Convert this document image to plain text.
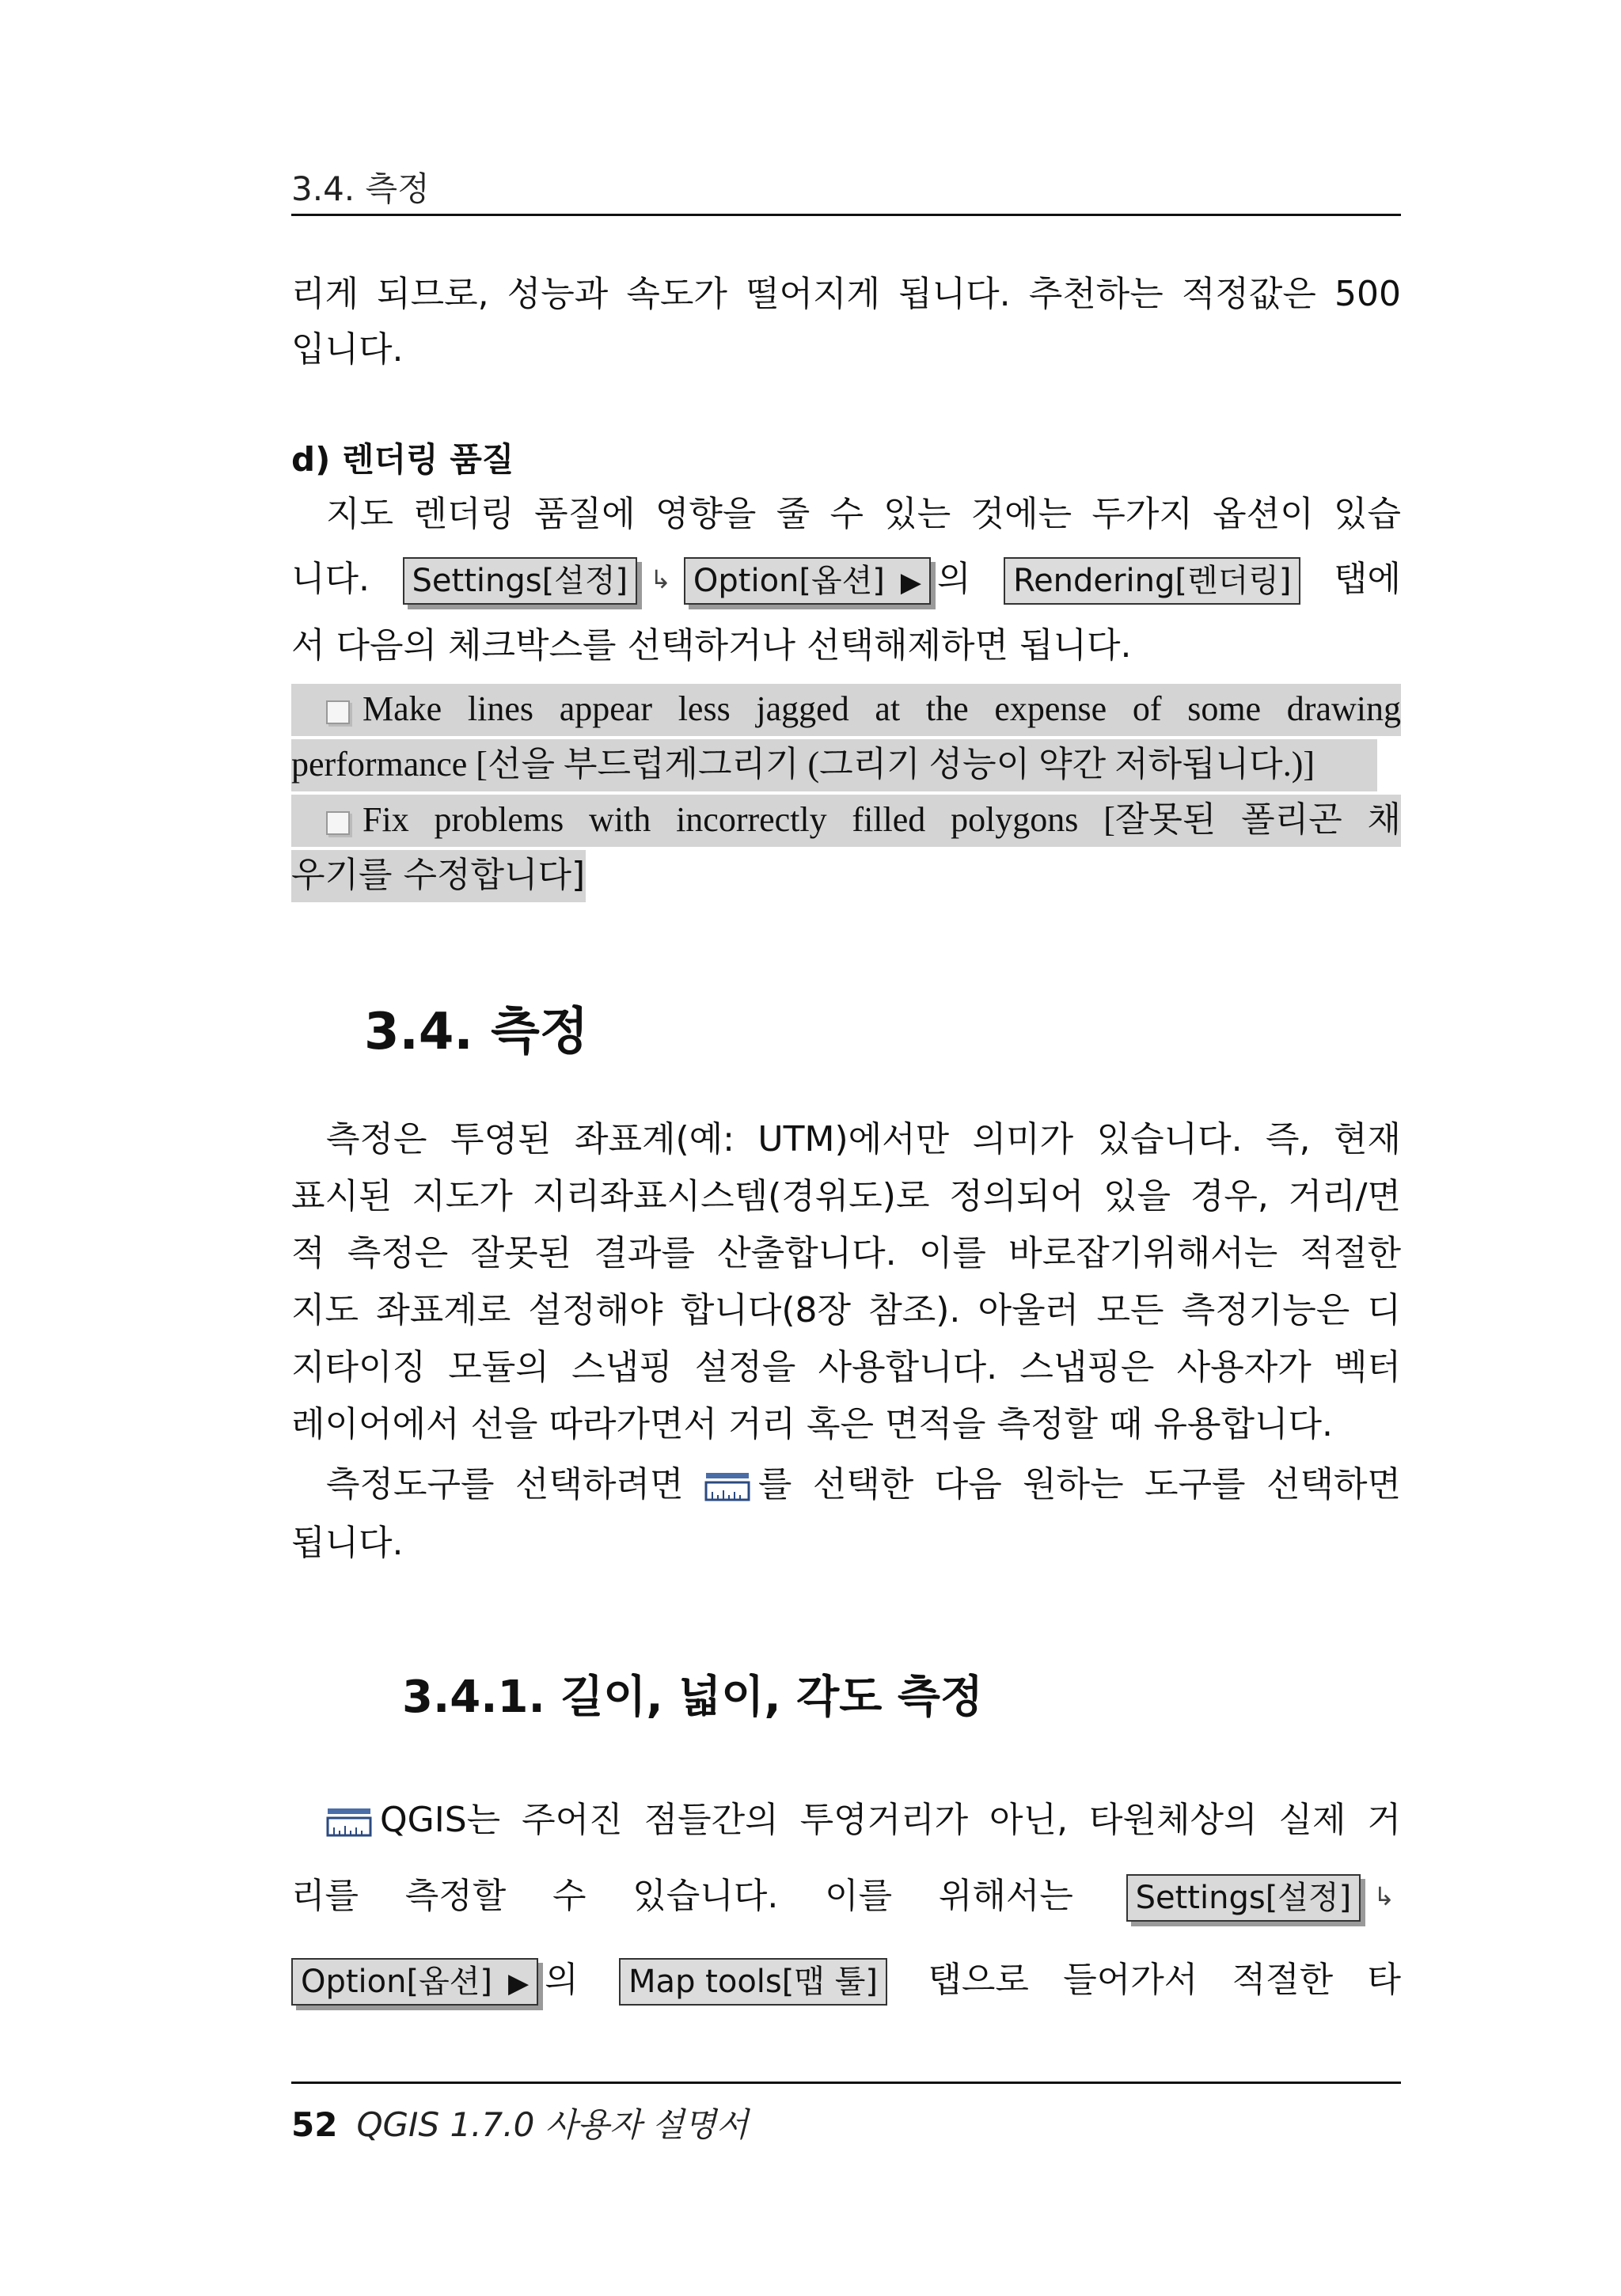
3.4. 측정
리게 되므로, 성능과 속도가 떨어지게 됩니다. 추천하는 적정값은 500
입니다.
d) 렌더링 품질
지도 렌더링 품질에 영향을 줄 수 있는 것에는 두가지 옵션이 있습
니다. Settings[설정] ↳ Option[옵션] ▶ 의 Rendering[렌더링] 탭에
서 다음의 체크박스를 선택하거나 선택해제하면 됩니다.
Make lines appear less jagged at the expense of some drawing
performance [선을 부드럽게그리기 (그리기 성능이 약간 저하됩니다.)]
Fix problems with incorrectly filled polygons [잘못된 폴리곤 채
우기를 수정합니다]
3.4. 측정
측정은 투영된 좌표계(예: UTM)에서만 의미가 있습니다. 즉, 현재
표시된 지도가 지리좌표시스템(경위도)로 정의되어 있을 경우, 거리/면
적 측정은 잘못된 결과를 산출합니다. 이를 바로잡기위해서는 적절한
지도 좌표계로 설정해야 합니다(8장 참조). 아울러 모든 측정기능은 디
지타이징 모듈의 스냅핑 설정을 사용합니다. 스냅핑은 사용자가 벡터
레이어에서 선을 따라가면서 거리 혹은 면적을 측정할 때 유용합니다.
측정도구를 선택하려면 를 선택한 다음 원하는 도구를 선택하면
됩니다.
3.4.1. 길이, 넓이, 각도 측정
QGIS는 주어진 점들간의 투영거리가 아닌, 타원체상의 실제 거
리를 측정할 수 있습니다. 이를 위해서는 Settings[설정] ↳
Option[옵션] ▶ 의 Map tools[맵 툴] 탭으로 들어가서 적절한 타
52 QGIS 1.7.0 사용자 설명서
